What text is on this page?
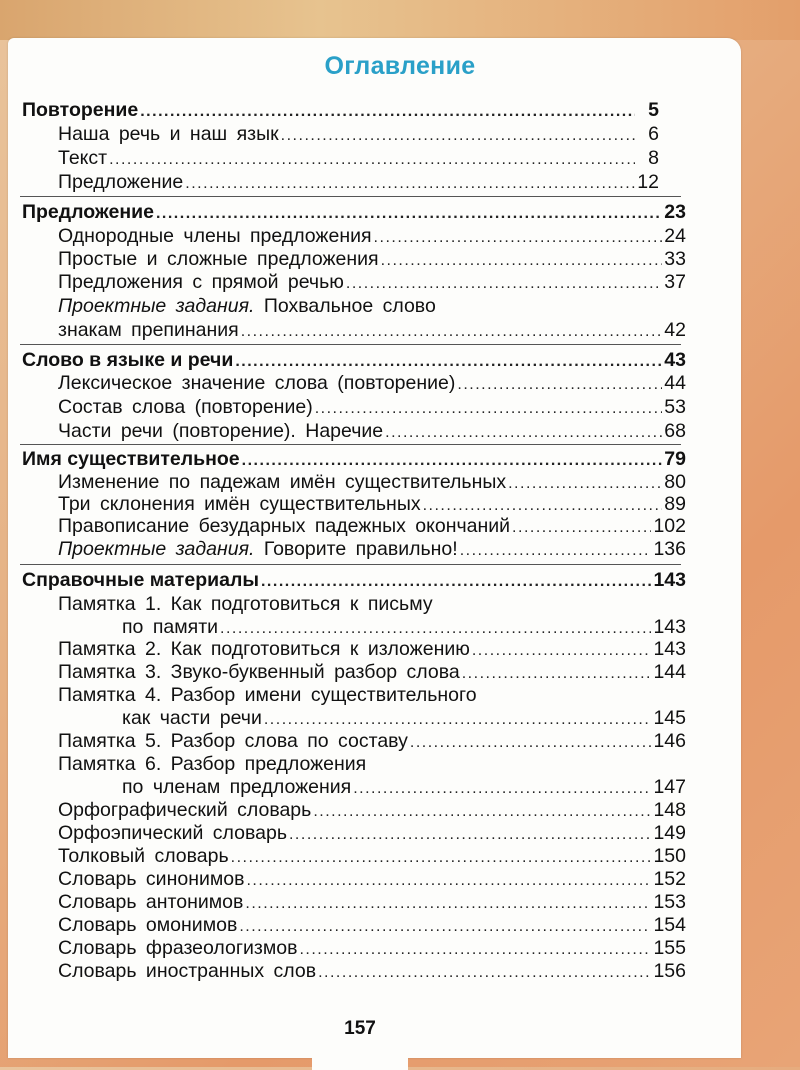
Оглавление
Повторение .....	5
Наша речь и наш язык .....	6
Текст .....	8
Предложение .....	12
Предложение .....	23
Однородные члены предложения .....	24
Простые и сложные предложения .....	33
Предложения с прямой речью .....	37
Проектные задания. Похвальное слово
знакам препинания .....	42
Слово в языке и речи .....	43
Лексическое значение слова (повторение) .....	44
Состав слова (повторение) .....	53
Части речи (повторение). Наречие .....	68
Имя существительное .....	79
Изменение по падежам имён существительных .....	80
Три склонения имён существительных .....	89
Правописание безударных падежных окончаний .....	102
Проектные задания. Говорите правильно! .....	136
Справочные материалы .....	143
Памятка 1. Как подготовиться к письму
по памяти .....	143
Памятка 2. Как подготовиться к изложению .....	143
Памятка 3. Звуко-буквенный разбор слова .....	144
Памятка 4. Разбор имени существительного
как части речи .....	145
Памятка 5. Разбор слова по составу .....	146
Памятка 6. Разбор предложения
по членам предложения .....	147
Орфографический словарь .....	148
Орфоэпический словарь .....	149
Толковый словарь .....	150
Словарь синонимов .....	152
Словарь антонимов .....	153
Словарь омонимов .....	154
Словарь фразеологизмов .....	155
Словарь иностранных слов .....	156
157
